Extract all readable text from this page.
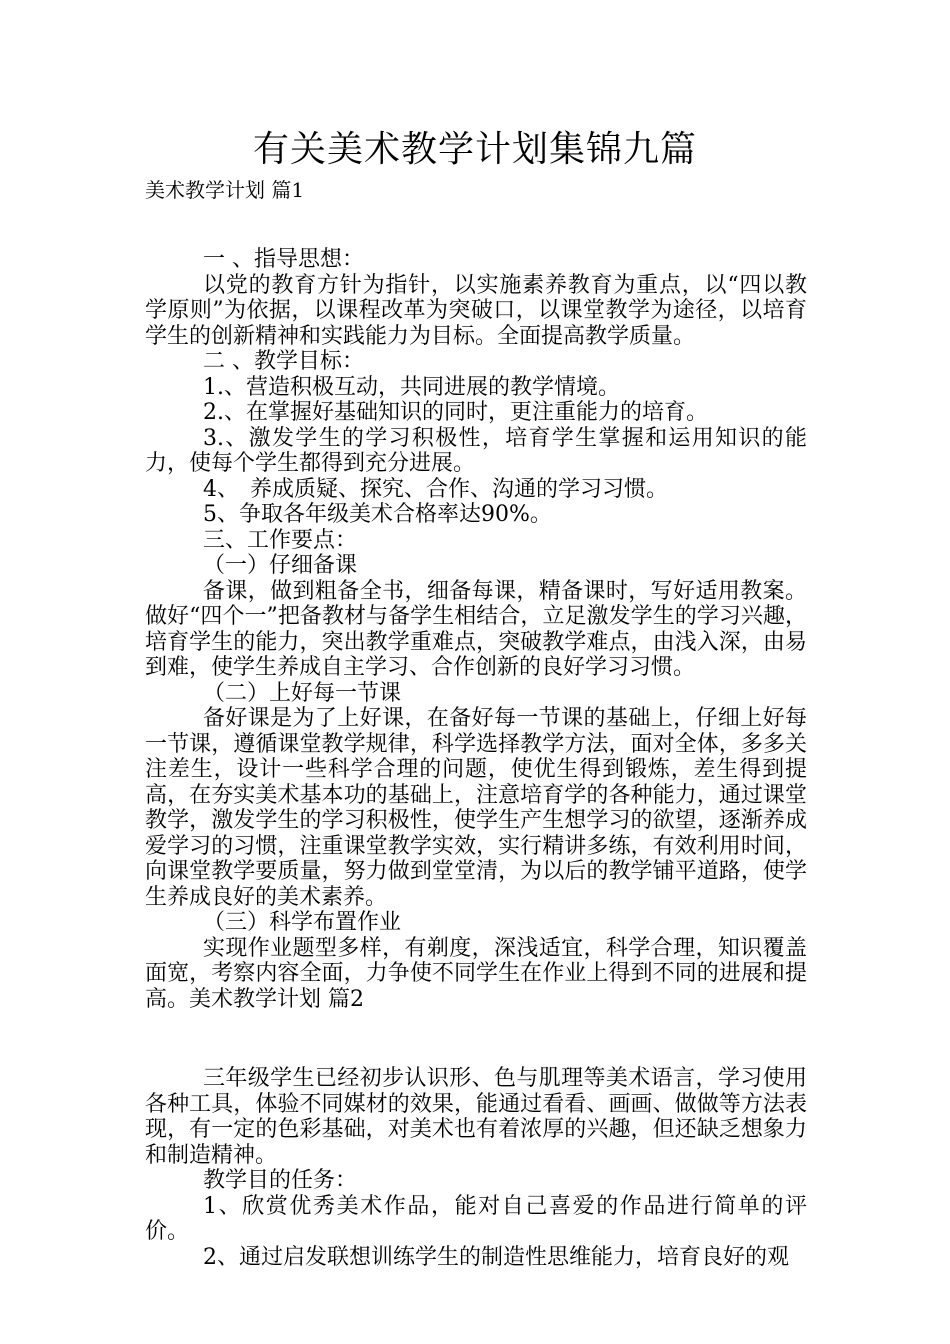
有关美术教学计划集锦九篇
美术教学计划 篇1

一 、指导思想：

以党的教育方针为指针，以实施素养教育为重点，以“四以教学原则”为依据，以课程改革为突破口，以课堂教学为途径，以培育学生的创新精神和实践能力为目标。全面提高教学质量。

二 、教学目标：

1.、营造积极互动，共同进展的教学情境。

2.、在掌握好基础知识的同时，更注重能力的培育。

3.、激发学生的学习积极性，培育学生掌握和运用知识的能力，使每个学生都得到充分进展。

4、　养成质疑、探究、合作、沟通的学习习惯。

5、争取各年级美术合格率达90%。

三、工作要点：

（一）仔细备课

备课，做到粗备全书，细备每课，精备课时，写好适用教案。做好“四个一”把备教材与备学生相结合，立足激发学生的学习兴趣，培育学生的能力，突出教学重难点，突破教学难点，由浅入深，由易到难，使学生养成自主学习、合作创新的良好学习习惯。

（二）上好每一节课

备好课是为了上好课，在备好每一节课的基础上，仔细上好每一节课，遵循课堂教学规律，科学选择教学方法，面对全体，多多关注差生，设计一些科学合理的问题，使优生得到锻炼，差生得到提高，在夯实美术基本功的基础上，注意培育学的各种能力，通过课堂教学，激发学生的学习积极性，使学生产生想学习的欲望，逐渐养成爱学习的习惯，注重课堂教学实效，实行精讲多练，有效利用时间，向课堂教学要质量，努力做到堂堂清，为以后的教学铺平道路，使学生养成良好的美术素养。

（三）科学布置作业

实现作业题型多样，有剃度，深浅适宜，科学合理，知识覆盖面宽，考察内容全面，力争使不同学生在作业上得到不同的进展和提高。美术教学计划 篇2

三年级学生已经初步认识形、色与肌理等美术语言，学习使用各种工具，体验不同媒材的效果，能通过看看、画画、做做等方法表现，有一定的色彩基础，对美术也有着浓厚的兴趣，但还缺乏想象力和制造精神。

教学目的任务：

1、欣赏优秀美术作品，能对自己喜爱的作品进行简单的评价。

2、通过启发联想训练学生的制造性思维能力，培育良好的观
